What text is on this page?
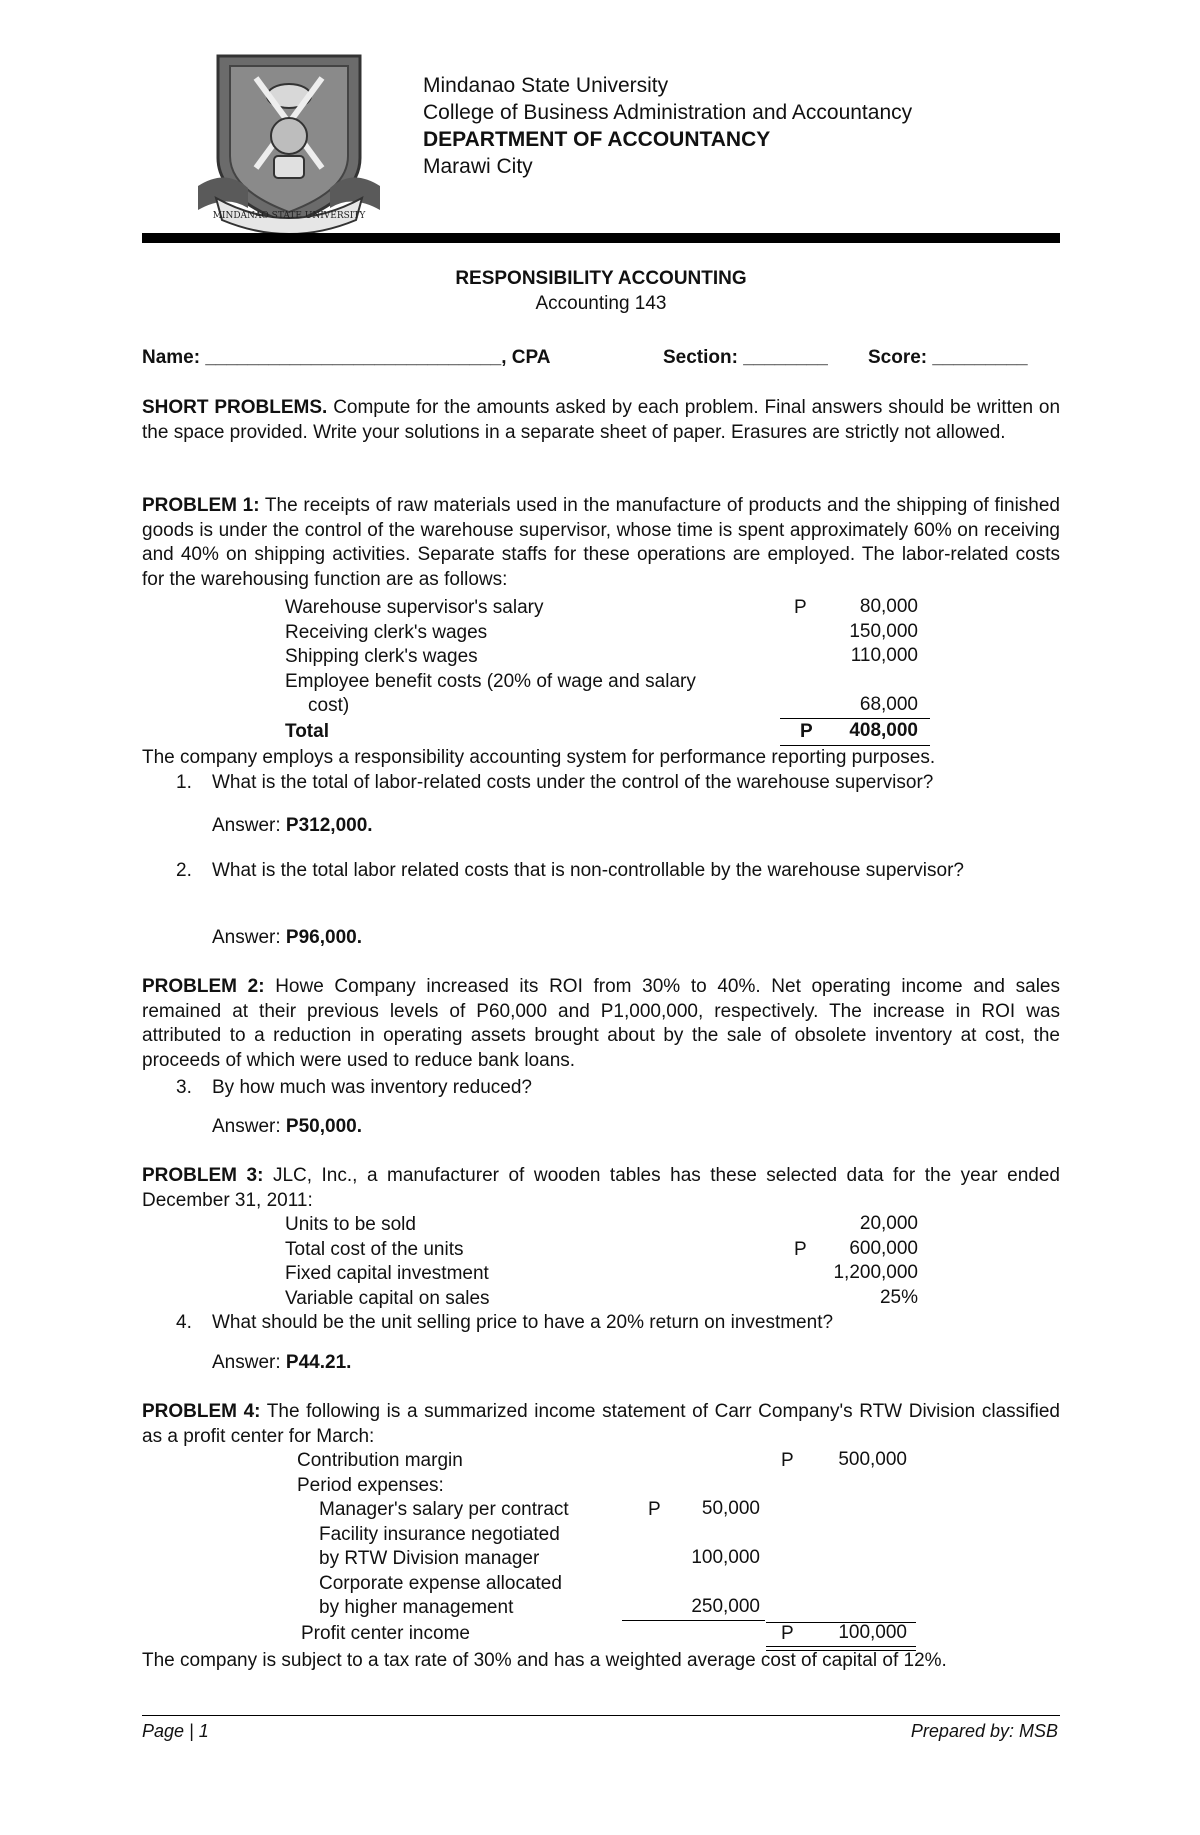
MINDANAO STATE UNIVERSITY
Mindanao State University
College of Business Administration and Accountancy
DEPARTMENT OF ACCOUNTANCY
Marawi City
RESPONSIBILITY ACCOUNTING
Accounting 143
Name: ____________________________, CPA	Section: ________ Score: _________
SHORT PROBLEMS. Compute for the amounts asked by each problem. Final answers should be written on the space provided. Write your solutions in a separate sheet of paper. Erasures are strictly not allowed.
PROBLEM 1: The receipts of raw materials used in the manufacture of products and the shipping of finished goods is under the control of the warehouse supervisor, whose time is spent approximately 60% on receiving and 40% on shipping activities. Separate staffs for these operations are employed. The labor-related costs for the warehousing function are as follows:
Warehouse supervisor's salary	P	80,000
Receiving clerk's wages	150,000
Shipping clerk's wages	110,000
Employee benefit costs (20% of wage and salary
cost)	68,000
Total	P 408,000
The company employs a responsibility accounting system for performance reporting purposes.
1. What is the total of labor-related costs under the control of the warehouse supervisor?
Answer: P312,000.
2. What is the total labor related costs that is non-controllable by the warehouse supervisor?
Answer: P96,000.
PROBLEM 2: Howe Company increased its ROI from 30% to 40%. Net operating income and sales remained at their previous levels of P60,000 and P1,000,000, respectively. The increase in ROI was attributed to a reduction in operating assets brought about by the sale of obsolete inventory at cost, the proceeds of which were used to reduce bank loans.
3. By how much was inventory reduced?
Answer: P50,000.
PROBLEM 3: JLC, Inc., a manufacturer of wooden tables has these selected data for the year ended December 31, 2011:
Units to be sold	20,000
Total cost of the units	P 600,000
Fixed capital investment	1,200,000
Variable capital on sales	25%
4. What should be the unit selling price to have a 20% return on investment?
Answer: P44.21.
PROBLEM 4: The following is a summarized income statement of Carr Company's RTW Division classified as a profit center for March:
Contribution margin	P 500,000
Period expenses:
Manager's salary per contract	P 50,000
Facility insurance negotiated
by RTW Division manager	100,000
Corporate expense allocated
by higher management	250,000
Profit center income	P 100,000
The company is subject to a tax rate of 30% and has a weighted average cost of capital of 12%.
Page | 1	Prepared by: MSB
